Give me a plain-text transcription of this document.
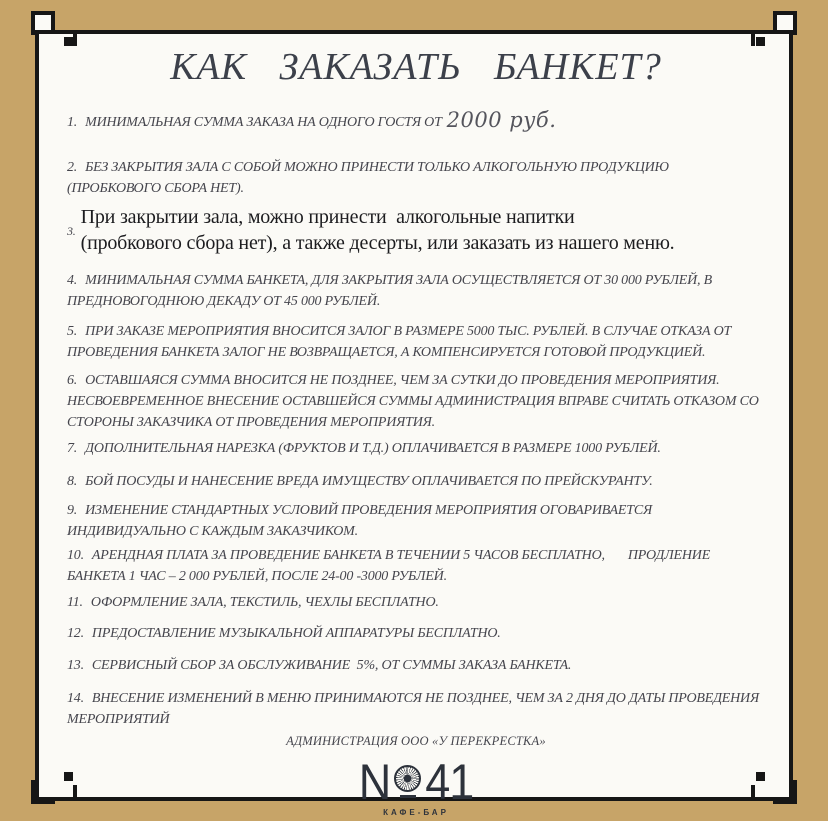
КАК ЗАКАЗАТЬ БАНКЕТ?

1. МИНИМАЛЬНАЯ СУММА ЗАКАЗА НА ОДНОГО ГОСТЯ ОТ 2000 руб.

2. БЕЗ ЗАКРЫТИЯ ЗАЛА С СОБОЙ МОЖНО ПРИНЕСТИ ТОЛЬКО АЛКОГОЛЬНУЮ ПРОДУКЦИЮ (ПРОБКОВОГО СБОРА НЕТ).

3.
При закрытии зала, можно принести  алкогольные напитки
(пробкового сбора нет), а также десерты, или заказать из нашего меню.

4. МИНИМАЛЬНАЯ СУММА БАНКЕТА, ДЛЯ ЗАКРЫТИЯ ЗАЛА ОСУЩЕСТВЛЯЕТСЯ ОТ 30 000 РУБЛЕЙ, В ПРЕДНОВОГОДНЮЮ ДЕКАДУ ОТ 45 000 РУБЛЕЙ.

5. ПРИ ЗАКАЗЕ МЕРОПРИЯТИЯ ВНОСИТСЯ ЗАЛОГ В РАЗМЕРЕ 5000 ТЫС. РУБЛЕЙ. В СЛУЧАЕ ОТКАЗА ОТ ПРОВЕДЕНИЯ БАНКЕТА ЗАЛОГ НЕ ВОЗВРАЩАЕТСЯ, А КОМПЕНСИРУЕТСЯ ГОТОВОЙ ПРОДУКЦИЕЙ.

6. ОСТАВШАЯСЯ СУММА ВНОСИТСЯ НЕ ПОЗДНЕЕ, ЧЕМ ЗА СУТКИ ДО ПРОВЕДЕНИЯ МЕРОПРИЯТИЯ. НЕСВОЕВРЕМЕННОЕ ВНЕСЕНИЕ ОСТАВШЕЙСЯ СУММЫ АДМИНИСТРАЦИЯ ВПРАВЕ СЧИТАТЬ ОТКАЗОМ СО СТОРОНЫ ЗАКАЗЧИКА ОТ ПРОВЕДЕНИЯ МЕРОПРИЯТИЯ.

7. ДОПОЛНИТЕЛЬНАЯ НАРЕЗКА (ФРУКТОВ И Т.Д.) ОПЛАЧИВАЕТСЯ В РАЗМЕРЕ 1000 РУБЛЕЙ.

8. БОЙ ПОСУДЫ И НАНЕСЕНИЕ ВРЕДА ИМУЩЕСТВУ ОПЛАЧИВАЕТСЯ ПО ПРЕЙСКУРАНТУ.

9. ИЗМЕНЕНИЕ СТАНДАРТНЫХ УСЛОВИЙ ПРОВЕДЕНИЯ МЕРОПРИЯТИЯ ОГОВАРИВАЕТСЯ ИНДИВИДУАЛЬНО С КАЖДЫМ ЗАКАЗЧИКОМ.

10. АРЕНДНАЯ ПЛАТА ЗА ПРОВЕДЕНИЕ БАНКЕТА В ТЕЧЕНИИ 5 ЧАСОВ БЕСПЛАТНО,       ПРОДЛЕНИЕ БАНКЕТА 1 ЧАС – 2 000 РУБЛЕЙ, ПОСЛЕ 24-00 -3000 РУБЛЕЙ.

11. ОФОРМЛЕНИЕ ЗАЛА, ТЕКСТИЛЬ, ЧЕХЛЫ БЕСПЛАТНО.

12. ПРЕДОСТАВЛЕНИЕ МУЗЫКАЛЬНОЙ АППАРАТУРЫ БЕСПЛАТНО.

13. СЕРВИСНЫЙ СБОР ЗА ОБСЛУЖИВАНИЕ  5%, ОТ СУММЫ ЗАКАЗА БАНКЕТА.

14. ВНЕСЕНИЕ ИЗМЕНЕНИЙ В МЕНЮ ПРИНИМАЮТСЯ НЕ ПОЗДНЕЕ, ЧЕМ ЗА 2 ДНЯ ДО ДАТЫ ПРОВЕДЕНИЯ МЕРОПРИЯТИЙ

АДМИНИСТРАЦИЯ ООО «У ПЕРЕКРЕСТКА»

N 41
КАФЕ-БАР
